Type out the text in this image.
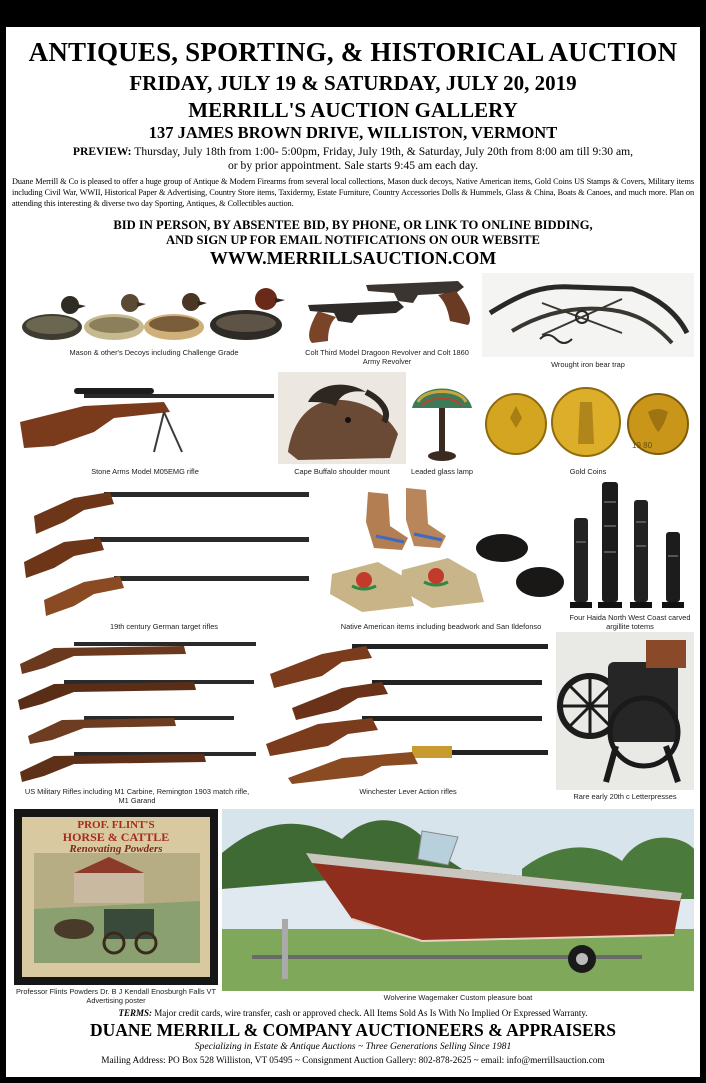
ANTIQUES, SPORTING, & HISTORICAL AUCTION
FRIDAY, JULY 19 & SATURDAY, JULY 20, 2019
MERRILL'S AUCTION GALLERY
137 JAMES BROWN DRIVE, WILLISTON, VERMONT
PREVIEW: Thursday, July 18th from 1:00- 5:00pm, Friday, July 19th, & Saturday, July 20th from 8:00 am till 9:30 am,
or by prior appointment. Sale starts 9:45 am each day.
Duane Merrill & Co is pleased to offer a huge group of Antique & Modern Firearms from several local collections, Mason duck decoys, Native American items, Gold Coins US Stamps & Covers, Military items including Civil War, WWII, Historical Paper & Advertising, Country Store items, Taxidermy, Estate Furniture, Country Accessories Dolls & Hummels, Glass & China, Boats & Canoes, and much more. Plan on attending this interesting & diverse two day Sporting, Antiques, & Collectibles auction.
BID IN PERSON, BY ABSENTEE BID, BY PHONE, OR LINK TO ONLINE BIDDING,
AND SIGN UP FOR EMAIL NOTIFICATIONS ON OUR WEBSITE
WWW.MERRILLSAUCTION.COM
Mason & other's Decoys including Challenge Grade	Colt Third Model Dragoon Revolver and Colt 1860 Army Revolver	Wrought iron bear trap
Stone Arms Model M05EMG rifle	Cape Buffalo shoulder mount	Leaded glass lamp
19 80
Gold Coins
19th century German target rifles	Native American items including beadwork and San Ildefonso
Four Haida North West Coast carved
argillite totems
US Military Rifles including M1 Carbine, Remington 1903 match rifle,
M1 Garand
Winchester Lever Action rifles
Rare early 20th c Letterpresses
PROF. FLINT'S
HORSE & CATTLE
Renovating Powders
Professor Flints Powders Dr. B J Kendall Enosburgh Falls VT
Advertising poster	Wolverine Wagemaker Custom pleasure boat
TERMS: Major credit cards, wire transfer, cash or approved check. All Items Sold As Is With No Implied Or Expressed Warranty.
DUANE MERRILL & COMPANY AUCTIONEERS & APPRAISERS
Specializing in Estate & Antique Auctions ~ Three Generations Selling Since 1981
Mailing Address: PO Box 528 Williston, VT 05495 ~ Consignment Auction Gallery: 802-878-2625 ~ email: info@merrillsauction.com
